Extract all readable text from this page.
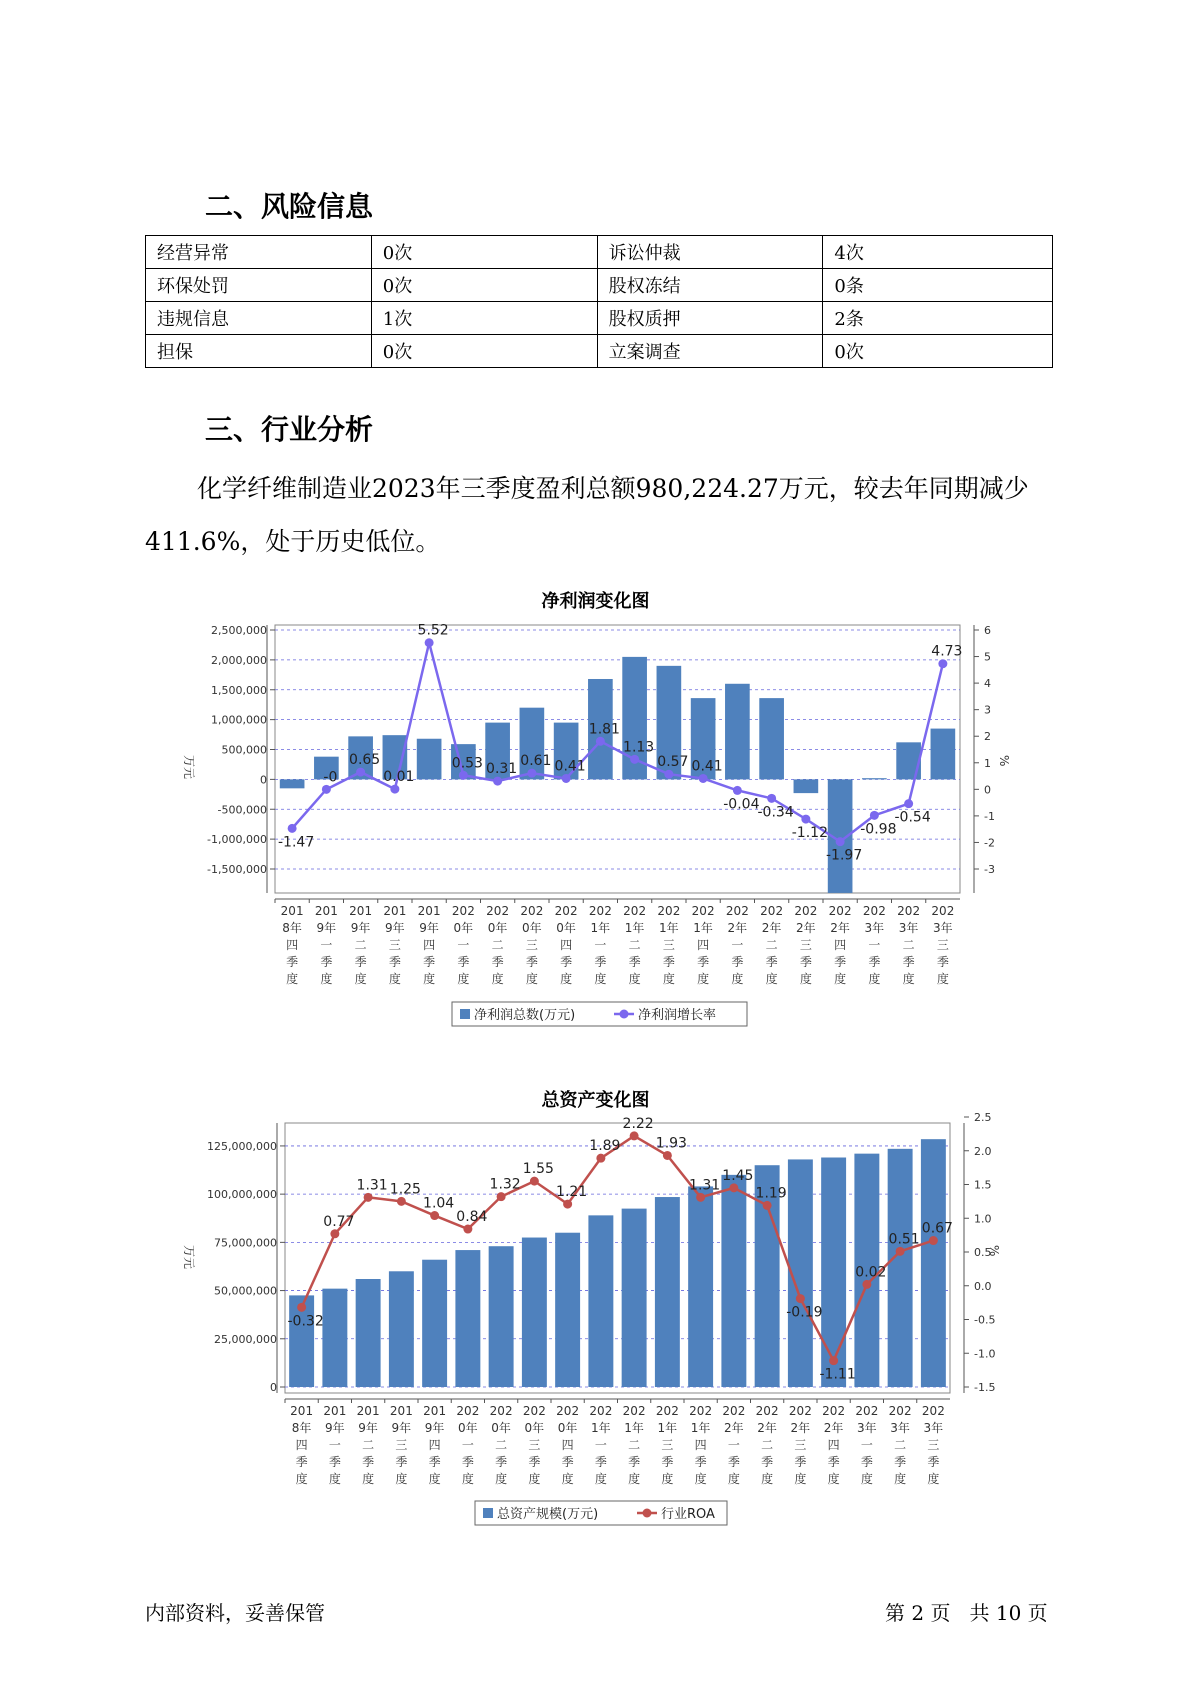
二、风险信息
经营异常	0次	诉讼仲裁	4次
环保处罚	0次	股权冻结	0条
违规信息	1次	股权质押	2条
担保	0次	立案调查	0次
三、行业分析
化学纤维制造业2023年三季度盈利总额980,224.27万元，较去年同期减少411.6%，处于历史低位。
净利润变化图
2,500,000
2,000,000
1,500,000
1,000,000
500,000
0
-500,000
-1,000,000
-1,500,000
6
5
4
3
2
1
0
-1
-2
-3
万元	%
-1.47
-0
0.65
0.01
5.52
0.53 0.31 0.61 0.41
1.81
1.13
0.57 0.41
-0.04
-0.34
-1.12
-1.97
-0.98
-0.54
4.73
201
8年
四
季
度
201
9年
一
季
度
201
9年
二
季
度
201
9年
三
季
度
201
9年
四
季
度
202
0年
一
季
度
202
0年
二
季
度
202
0年
三
季
度
202
0年
四
季
度
202
1年
一
季
度
202
1年
二
季
度
202
1年
三
季
度
202
1年
四
季
度
202
2年
一
季
度
202
2年
二
季
度
202
2年
三
季
度
202
2年
四
季
度
202
3年
一
季
度
202
3年
二
季
度
202
3年
三
季
度
净利润总数(万元)	净利润增长率
总资产变化图
125,000,000
100,000,000
75,000,000
50,000,000
25,000,000
0
2.5
2.0
1.5
1.0
0.5
0.0
-0.5
-1.0
-1.5
万元	%
-0.32
0.77
1.31 1.25
1.04
0.84
1.32
1.55
1.21
1.89
2.22
1.93
1.31
1.45
1.19
-0.19
-1.11
0.02
0.51
0.67
201
8年
四
季
度
201
9年
一
季
度
201
9年
二
季
度
201
9年
三
季
度
201
9年
四
季
度
202
0年
一
季
度
202
0年
二
季
度
202
0年
三
季
度
202
0年
四
季
度
202
1年
一
季
度
202
1年
二
季
度
202
1年
三
季
度
202
1年
四
季
度
202
2年
一
季
度
202
2年
二
季
度
202
2年
三
季
度
202
2年
四
季
度
202
3年
一
季
度
202
3年
二
季
度
202
3年
三
季
度
总资产规模(万元)	行业ROA
内部资料，妥善保管	第 2 页   共 10 页
